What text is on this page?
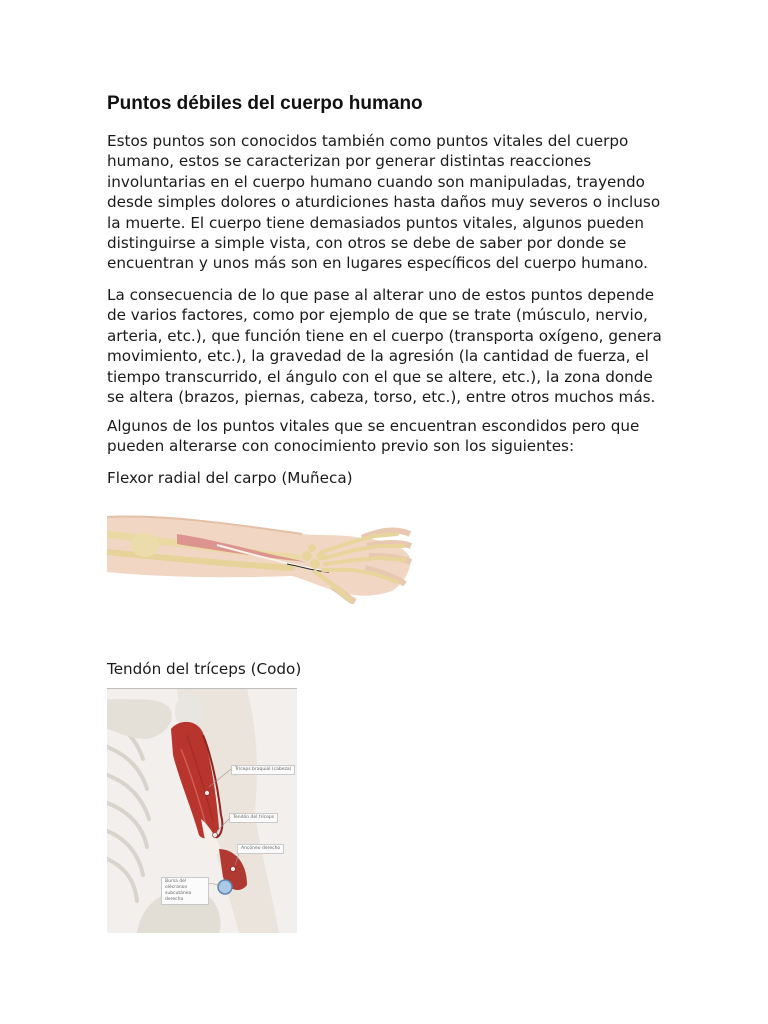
Puntos débiles del cuerpo humano

Estos puntos son conocidos también como puntos vitales del cuerpo humano, estos se caracterizan por generar distintas reacciones involuntarias en el cuerpo humano cuando son manipuladas, trayendo desde simples dolores o aturdiciones hasta daños muy severos o incluso la muerte. El cuerpo tiene demasiados puntos vitales, algunos pueden distinguirse a simple vista, con otros se debe de saber por donde se encuentran y unos más son en lugares específicos del cuerpo humano.

La consecuencia de lo que pase al alterar uno de estos puntos depende de varios factores, como por ejemplo de que se trate (músculo, nervio, arteria, etc.), que función tiene en el cuerpo (transporta oxígeno, genera movimiento, etc.), la gravedad de la agresión (la cantidad de fuerza, el tiempo transcurrido, el ángulo con el que se altere, etc.), la zona donde se altera (brazos, piernas, cabeza, torso, etc.), entre otros muchos más.

Algunos de los puntos vitales que se encuentran escondidos pero que pueden alterarse con conocimiento previo son los siguientes:

Flexor radial del carpo (Muñeca)

Tendón del tríceps (Codo)

Tríceps braquial (cabeza)
Tendón del tríceps
Ancóneo derecho
Bursa del olécranon subcutánea derecha
